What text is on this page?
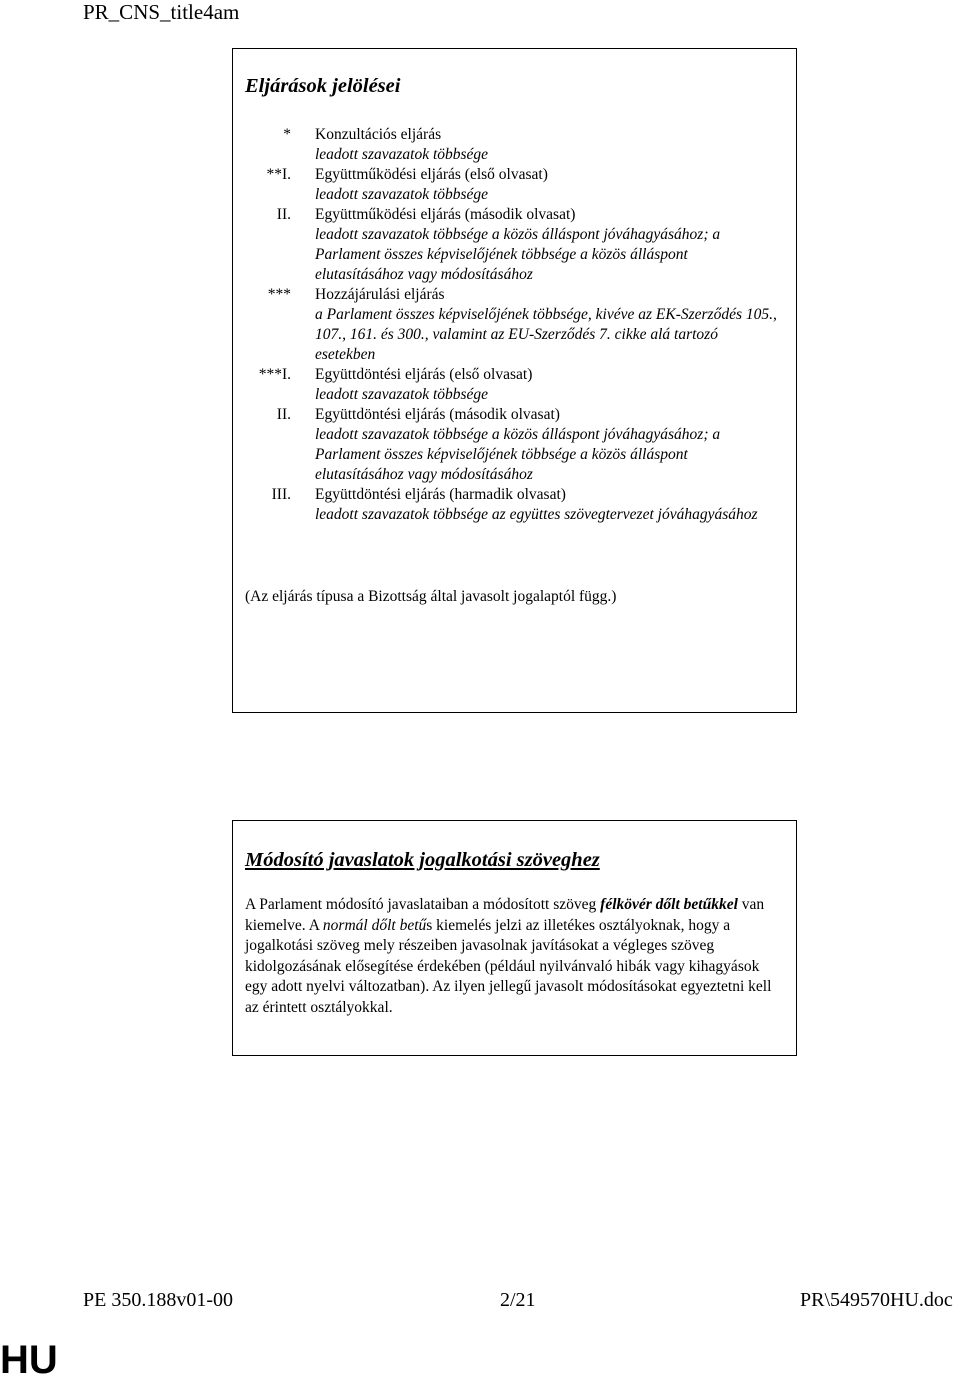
PR_CNS_title4am
Eljárások jelölései
* Konzultációs eljárás
leadott szavazatok többsége
**I. Együttműködési eljárás (első olvasat)
leadott szavazatok többsége
II. Együttműködési eljárás (második olvasat)
leadott szavazatok többsége a közös álláspont jóváhagyásához; a Parlament összes képviselőjének többsége a közös álláspont elutasításához vagy módosításához
*** Hozzájárulási eljárás
a Parlament összes képviselőjének többsége, kivéve az EK-Szerződés 105., 107., 161. és 300., valamint az EU-Szerződés 7. cikke alá tartozó esetekben
***I. Együttdöntési eljárás (első olvasat)
leadott szavazatok többsége
II. Együttdöntési eljárás (második olvasat)
leadott szavazatok többsége a közös álláspont jóváhagyásához; a Parlament összes képviselőjének többsége a közös álláspont elutasításához vagy módosításához
III. Együttdöntési eljárás (harmadik olvasat)
leadott szavazatok többsége az együttes szövegtervezet jóváhagyásához
(Az eljárás típusa a Bizottság által javasolt jogalaptól függ.)
Módosító javaslatok jogalkotási szöveghez
A Parlament módosító javaslataiban a módosított szöveg félkövér dőlt betűkkel van kiemelve. A normál dőlt betűs kiemelés jelzi az illetékes osztályoknak, hogy a jogalkotási szöveg mely részeiben javasolnak javításokat a végleges szöveg kidolgozásának elősegítése érdekében (például nyilvánvaló hibák vagy kihagyások egy adott nyelvi változatban). Az ilyen jellegű javasolt módosításokat egyeztetni kell az érintett osztályokkal.
PE 350.188v01-00	2/21	PR\549570HU.doc
HU
